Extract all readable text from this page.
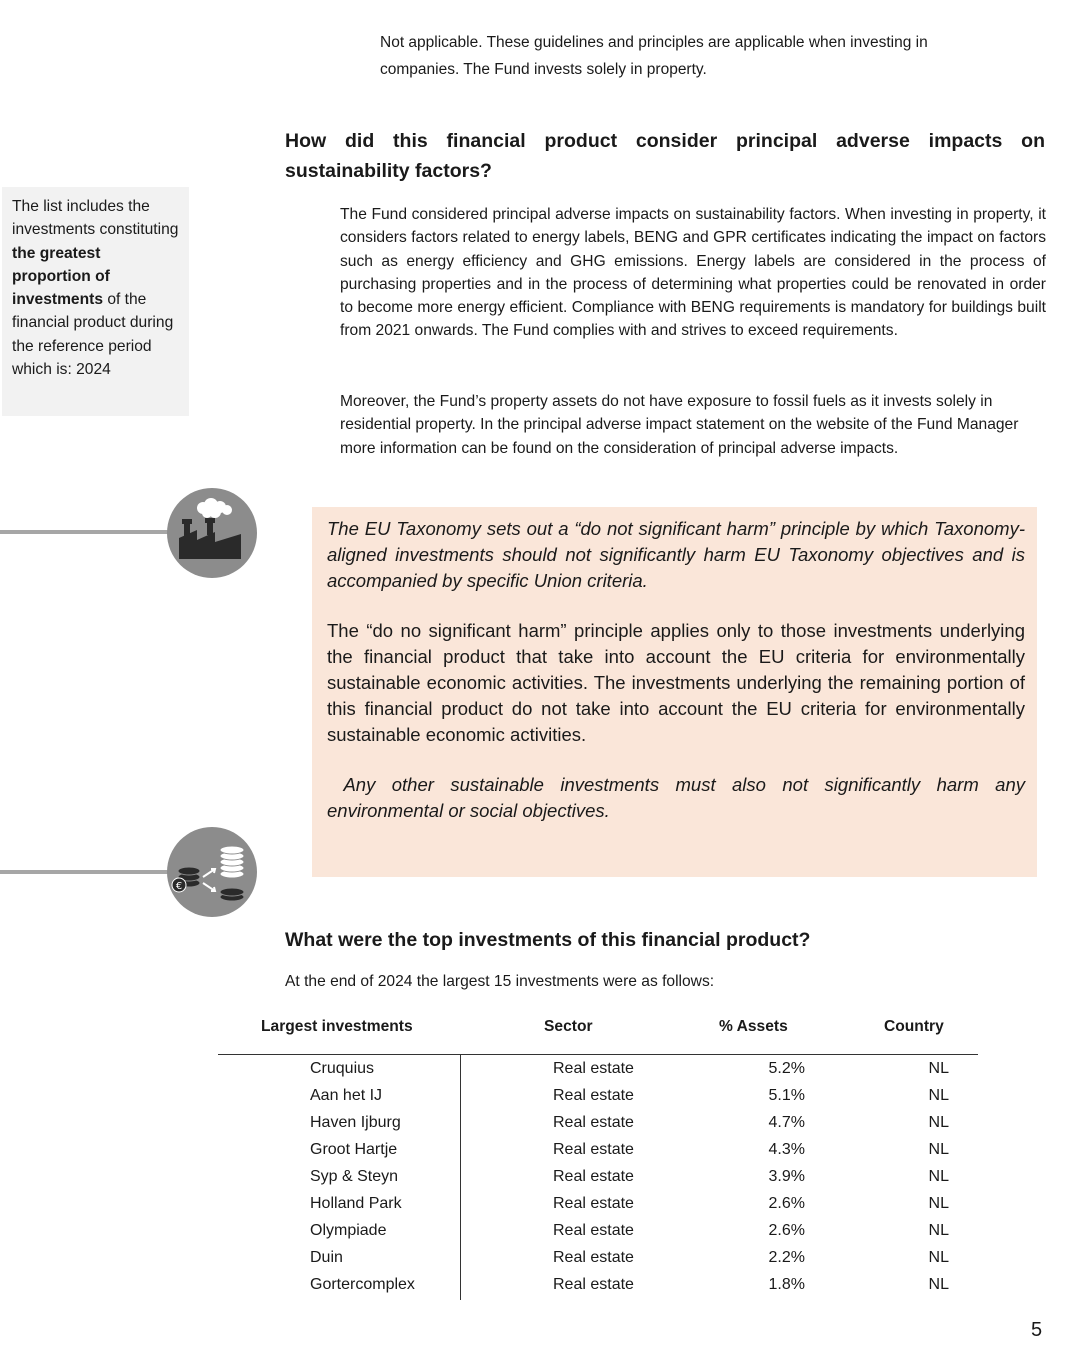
Not applicable. These guidelines and principles are applicable when investing in companies. The Fund invests solely in property.
How did this financial product consider principal adverse impacts on sustainability factors?
The Fund considered principal adverse impacts on sustainability factors. When investing in property, it considers factors related to energy labels, BENG and GPR certificates indicating the impact on factors such as energy efficiency and GHG emissions. Energy labels are considered in the process of purchasing properties and in the process of determining what properties could be renovated in order to become more energy efficient. Compliance with BENG requirements is mandatory for buildings built from 2021 onwards. The Fund complies with and strives to exceed requirements.
Moreover, the Fund’s property assets do not have exposure to fossil fuels as it invests solely in residential property. In the principal adverse impact statement on the website of the Fund Manager more information can be found on the consideration of principal adverse impacts.
The list includes the investments constituting the greatest proportion of investments of the financial product during the reference period which is: 2024
€

The EU Taxonomy sets out a “do not significant harm” principle by which Taxonomy-aligned investments should not significantly harm EU Taxonomy objectives and is accompanied by specific Union criteria.

The “do no significant harm” principle applies only to those investments underlying the financial product that take into account the EU criteria for environmentally sustainable economic activities. The investments underlying the remaining portion of this financial product do not take into account the EU criteria for environmentally sustainable economic activities.

Any other sustainable investments must also not significantly harm any environmental or social objectives.

What were the top investments of this financial product?
At the end of 2024 the largest 15 investments were as follows:
Largest investments	Sector	% Assets	Country
Cruquius	Real estate	5.2%	NL
Aan het IJ	Real estate	5.1%	NL
Haven Ijburg	Real estate	4.7%	NL
Groot Hartje	Real estate	4.3%	NL
Syp & Steyn	Real estate	3.9%	NL
Holland Park	Real estate	2.6%	NL
Olympiade	Real estate	2.6%	NL
Duin	Real estate	2.2%	NL
Gortercomplex	Real estate	1.8%	NL
5
